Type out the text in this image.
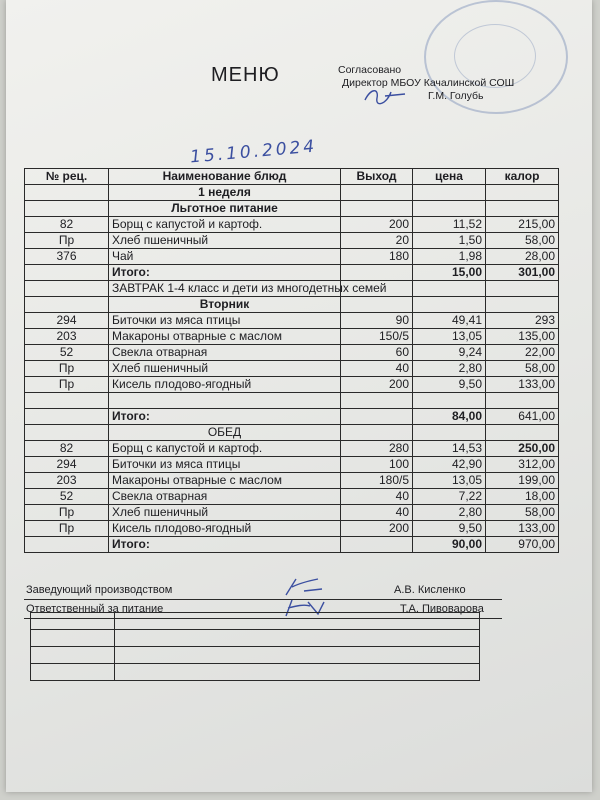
МЕНЮ	Согласовано
Директор МБОУ Качалинской СОШ
Г.М. Голубь
15.10.2024
№ рец.	Наименование блюд	Выход	цена	калор
	1 неделя			
	Льготное питание			
82	Борщ с капустой и картоф.	200	11,52	215,00
Пр	Хлеб пшеничный	20	1,50	58,00
376	Чай	180	1,98	28,00
	Итого:		15,00	301,00
	ЗАВТРАК 1-4 класс и дети из многодетных семей			
	Вторник			
294	Биточки из мяса птицы	90	49,41	293
203	Макароны отварные с маслом	150/5	13,05	135,00
52	Свекла отварная	60	9,24	22,00
Пр	Хлеб пшеничный	40	2,80	58,00
Пр	Кисель плодово-ягодный	200	9,50	133,00

	Итого:		84,00	641,00
	ОБЕД			
82	Борщ с капустой и картоф.	280	14,53	250,00
294	Биточки из мяса птицы	100	42,90	312,00
203	Макароны отварные с маслом	180/5	13,05	199,00
52	Свекла отварная	40	7,22	18,00
Пр	Хлеб пшеничный	40	2,80	58,00
Пр	Кисель плодово-ягодный	200	9,50	133,00
	Итого:		90,00	970,00
Заведующий производством	А.В. Кисленко
Ответственный за питание	Т.А. Пивоварова
